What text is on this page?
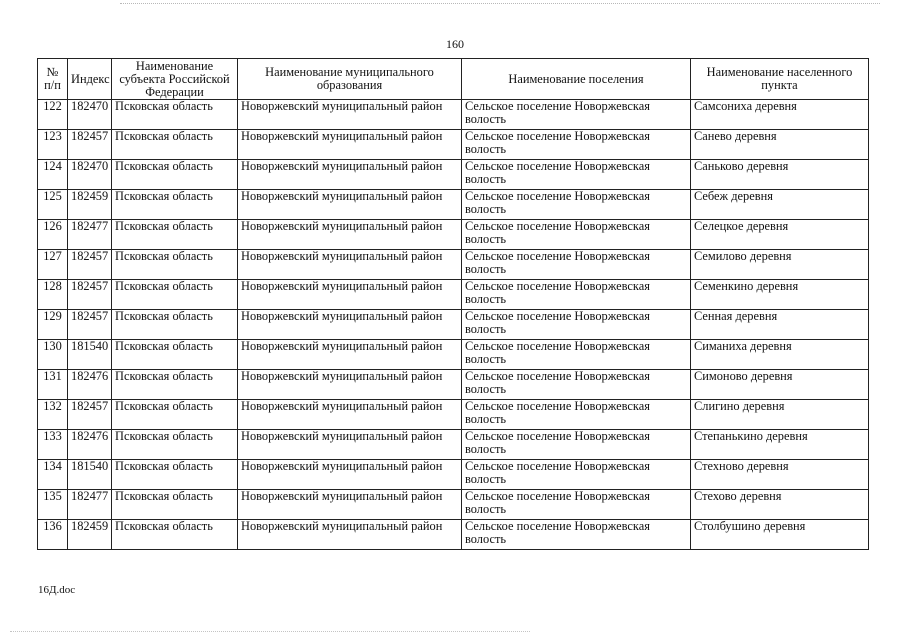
160
№ п/п	Индекс	Наименование субъекта Российской Федерации	Наименование муниципального образования	Наименование поселения	Наименование населенного пункта
122	182470	Псковская область	Новоржевский муниципальный район	Сельское поселение Новоржевская волость	Самсониха деревня
123	182457	Псковская область	Новоржевский муниципальный район	Сельское поселение Новоржевская волость	Санево деревня
124	182470	Псковская область	Новоржевский муниципальный район	Сельское поселение Новоржевская волость	Саньково деревня
125	182459	Псковская область	Новоржевский муниципальный район	Сельское поселение Новоржевская волость	Себеж деревня
126	182477	Псковская область	Новоржевский муниципальный район	Сельское поселение Новоржевская волость	Селецкое деревня
127	182457	Псковская область	Новоржевский муниципальный район	Сельское поселение Новоржевская волость	Семилово деревня
128	182457	Псковская область	Новоржевский муниципальный район	Сельское поселение Новоржевская волость	Семенкино деревня
129	182457	Псковская область	Новоржевский муниципальный район	Сельское поселение Новоржевская волость	Сенная деревня
130	181540	Псковская область	Новоржевский муниципальный район	Сельское поселение Новоржевская волость	Симаниха деревня
131	182476	Псковская область	Новоржевский муниципальный район	Сельское поселение Новоржевская волость	Симоново деревня
132	182457	Псковская область	Новоржевский муниципальный район	Сельское поселение Новоржевская волость	Слигино деревня
133	182476	Псковская область	Новоржевский муниципальный район	Сельское поселение Новоржевская волость	Степанькино деревня
134	181540	Псковская область	Новоржевский муниципальный район	Сельское поселение Новоржевская волость	Стехново деревня
135	182477	Псковская область	Новоржевский муниципальный район	Сельское поселение Новоржевская волость	Стехово деревня
136	182459	Псковская область	Новоржевский муниципальный район	Сельское поселение Новоржевская волость	Столбушино деревня
16Д.doc
